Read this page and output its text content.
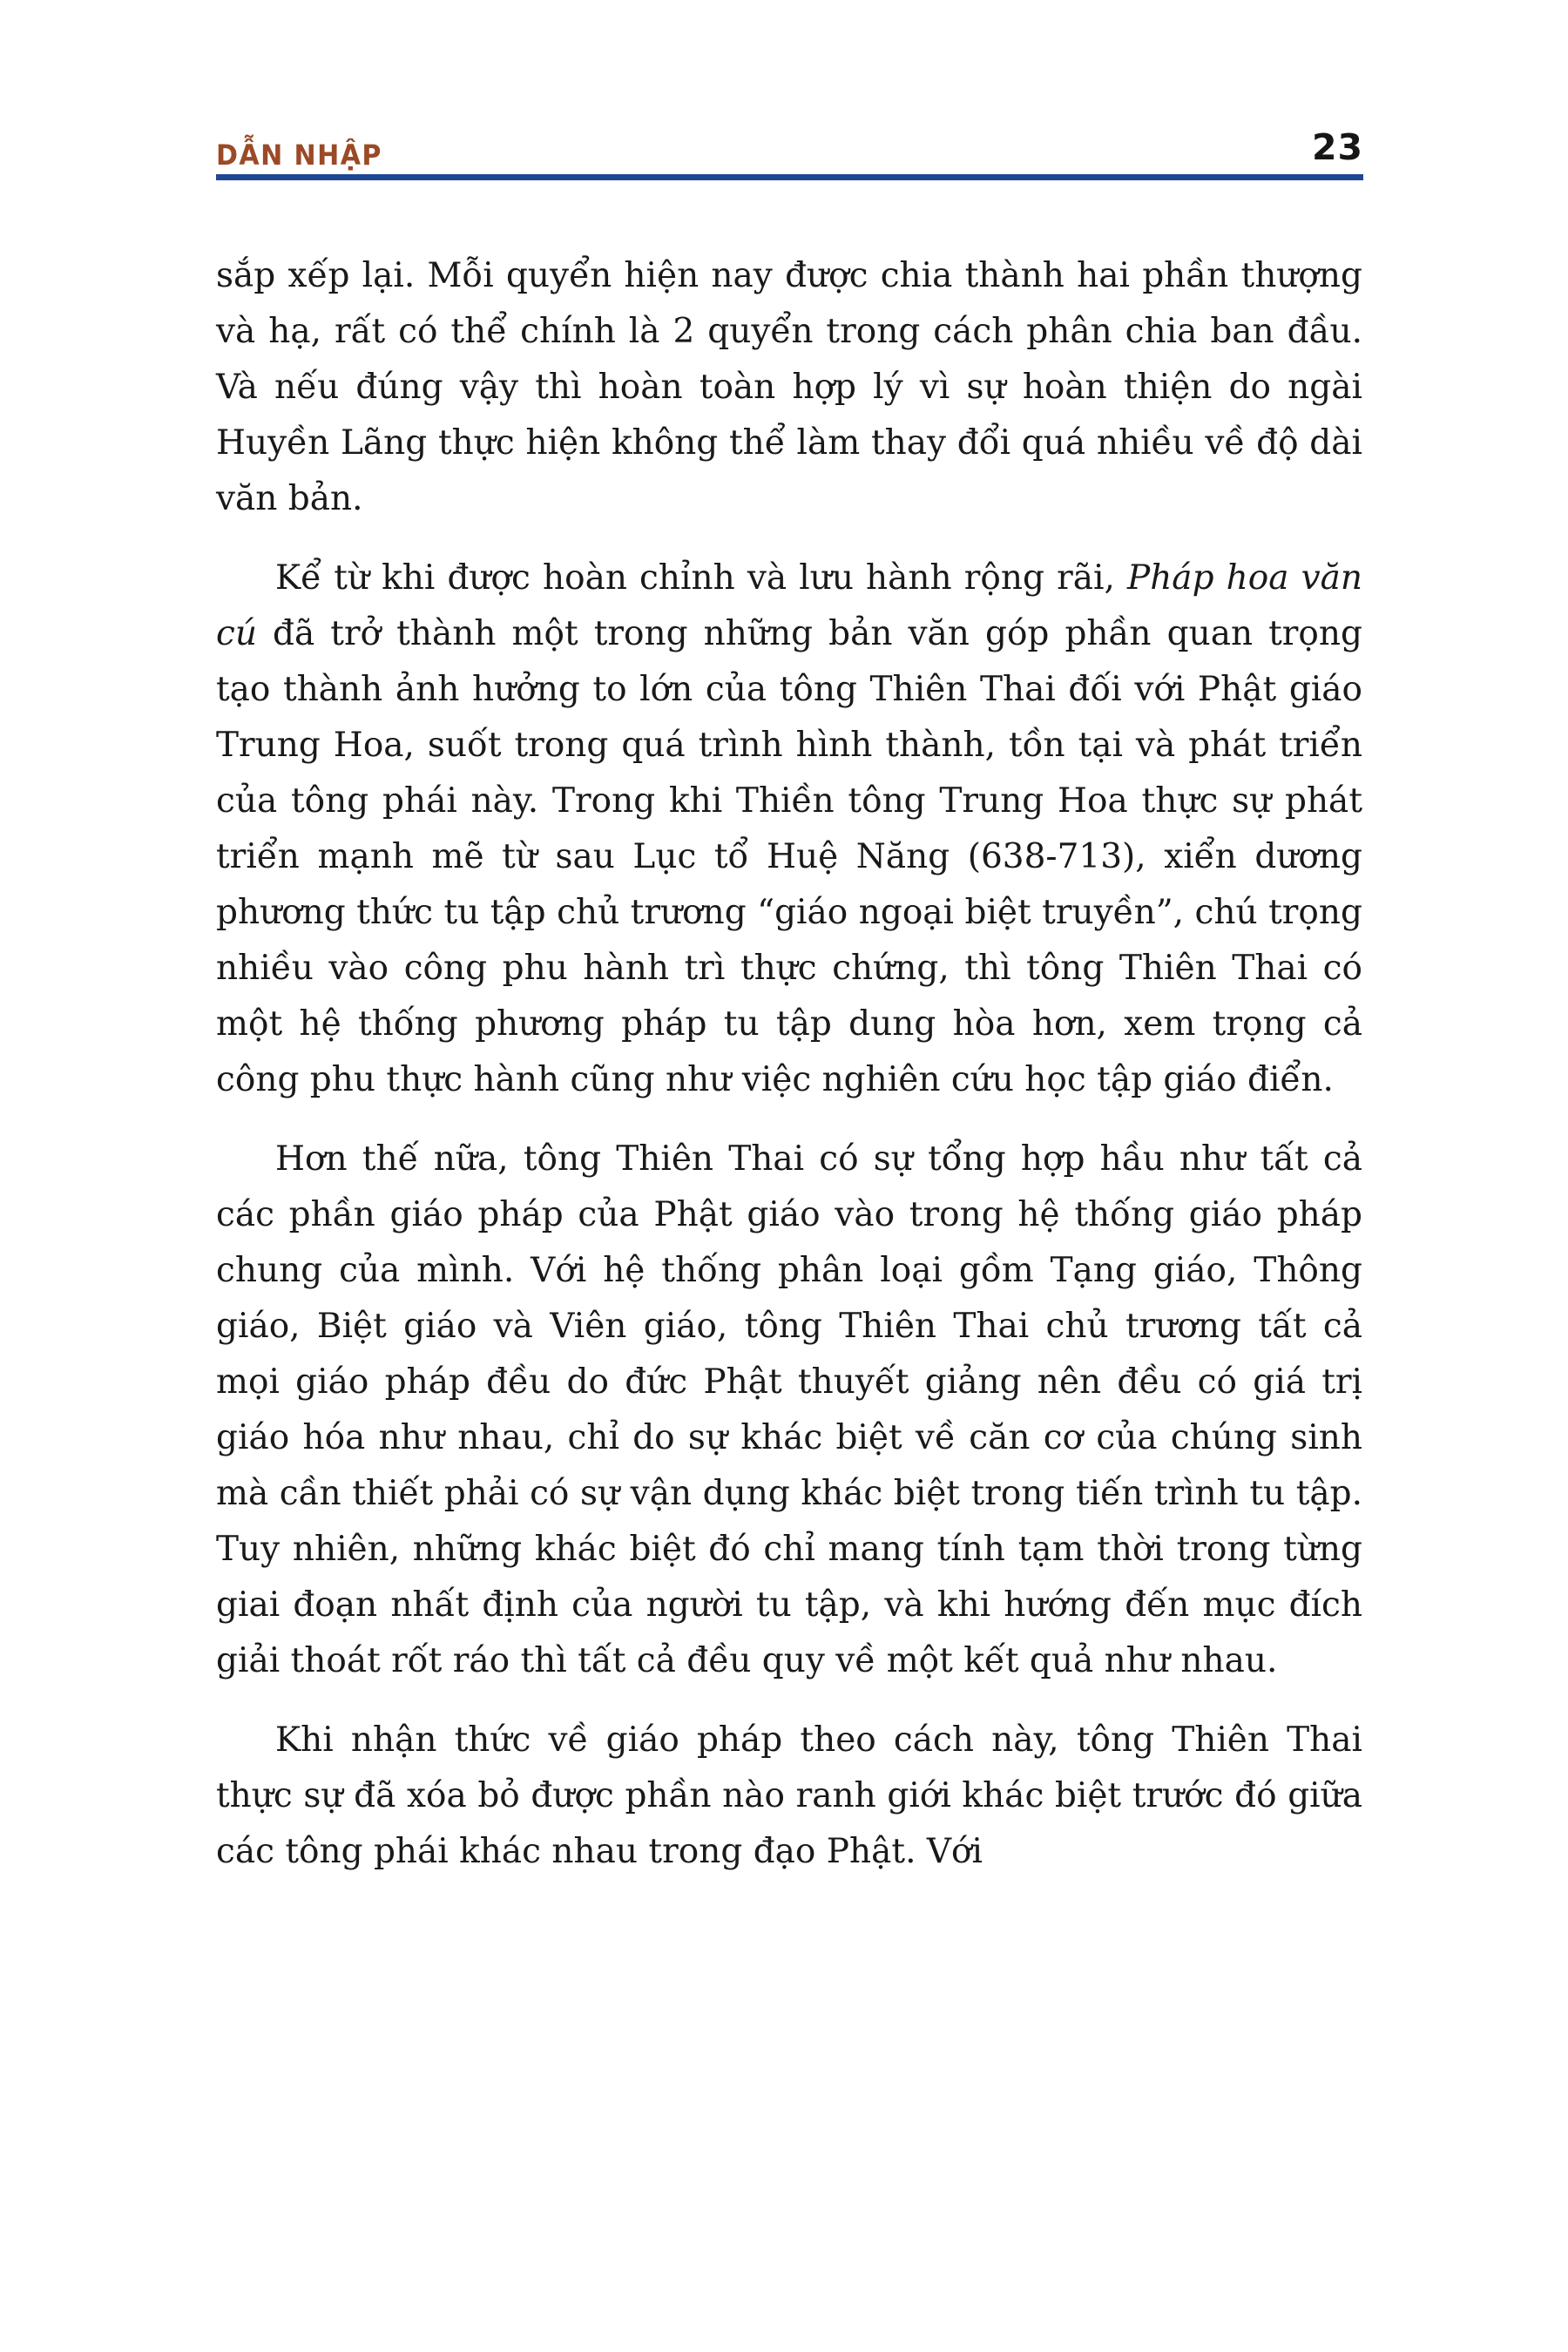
DẪN NHẬP	23

sắp xếp lại. Mỗi quyển hiện nay được chia thành hai phần thượng và hạ, rất có thể chính là 2 quyển trong cách phân chia ban đầu. Và nếu đúng vậy thì hoàn toàn hợp lý vì sự hoàn thiện do ngài Huyền Lãng thực hiện không thể làm thay đổi quá nhiều về độ dài văn bản.

Kể từ khi được hoàn chỉnh và lưu hành rộng rãi, Pháp hoa văn cú đã trở thành một trong những bản văn góp phần quan trọng tạo thành ảnh hưởng to lớn của tông Thiên Thai đối với Phật giáo Trung Hoa, suốt trong quá trình hình thành, tồn tại và phát triển của tông phái này. Trong khi Thiền tông Trung Hoa thực sự phát triển mạnh mẽ từ sau Lục tổ Huệ Năng (638-713), xiển dương phương thức tu tập chủ trương “giáo ngoại biệt truyền”, chú trọng nhiều vào công phu hành trì thực chứng, thì tông Thiên Thai có một hệ thống phương pháp tu tập dung hòa hơn, xem trọng cả công phu thực hành cũng như việc nghiên cứu học tập giáo điển.

Hơn thế nữa, tông Thiên Thai có sự tổng hợp hầu như tất cả các phần giáo pháp của Phật giáo vào trong hệ thống giáo pháp chung của mình. Với hệ thống phân loại gồm Tạng giáo, Thông giáo, Biệt giáo và Viên giáo, tông Thiên Thai chủ trương tất cả mọi giáo pháp đều do đức Phật thuyết giảng nên đều có giá trị giáo hóa như nhau, chỉ do sự khác biệt về căn cơ của chúng sinh mà cần thiết phải có sự vận dụng khác biệt trong tiến trình tu tập. Tuy nhiên, những khác biệt đó chỉ mang tính tạm thời trong từng giai đoạn nhất định của người tu tập, và khi hướng đến mục đích giải thoát rốt ráo thì tất cả đều quy về một kết quả như nhau.

Khi nhận thức về giáo pháp theo cách này, tông Thiên Thai thực sự đã xóa bỏ được phần nào ranh giới khác biệt trước đó giữa các tông phái khác nhau trong đạo Phật. Với
